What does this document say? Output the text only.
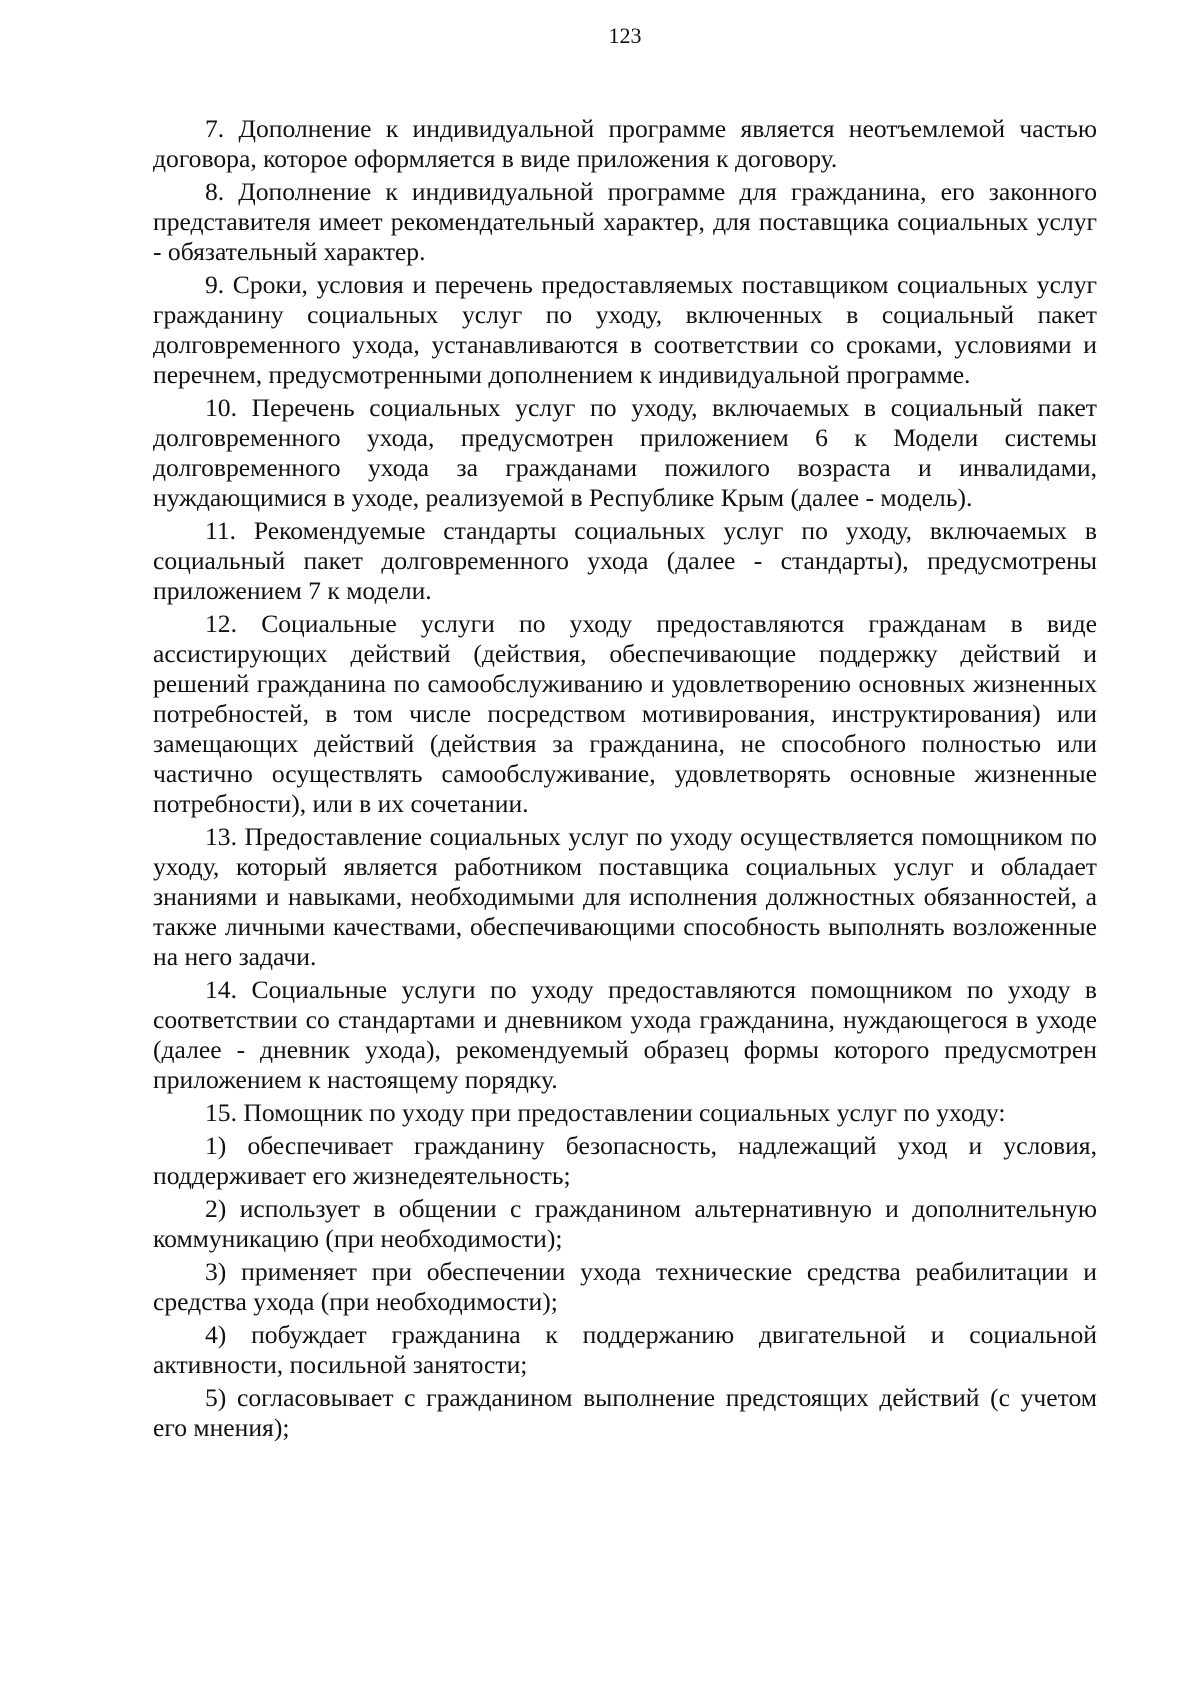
123

7. Дополнение к индивидуальной программе является неотъемлемой частью договора, которое оформляется в виде приложения к договору.

8. Дополнение к индивидуальной программе для гражданина, его законного представителя имеет рекомендательный характер, для поставщика социальных услуг - обязательный характер.

9. Сроки, условия и перечень предоставляемых поставщиком социальных услуг гражданину социальных услуг по уходу, включенных в социальный пакет долговременного ухода, устанавливаются в соответствии со сроками, условиями и перечнем, предусмотренными дополнением к индивидуальной программе.

10. Перечень социальных услуг по уходу, включаемых в социальный пакет долговременного ухода, предусмотрен приложением 6 к Модели системы долговременного ухода за гражданами пожилого возраста и инвалидами, нуждающимися в уходе, реализуемой в Республике Крым (далее - модель).

11. Рекомендуемые стандарты социальных услуг по уходу, включаемых в социальный пакет долговременного ухода (далее - стандарты), предусмотрены приложением 7 к модели.

12. Социальные услуги по уходу предоставляются гражданам в виде ассистирующих действий (действия, обеспечивающие поддержку действий и решений гражданина по самообслуживанию и удовлетворению основных жизненных потребностей, в том числе посредством мотивирования, инструктирования) или замещающих действий (действия за гражданина, не способного полностью или частично осуществлять самообслуживание, удовлетворять основные жизненные потребности), или в их сочетании.

13. Предоставление социальных услуг по уходу осуществляется помощником по уходу, который является работником поставщика социальных услуг и обладает знаниями и навыками, необходимыми для исполнения должностных обязанностей, а также личными качествами, обеспечивающими способность выполнять возложенные на него задачи.

14. Социальные услуги по уходу предоставляются помощником по уходу в соответствии со стандартами и дневником ухода гражданина, нуждающегося в уходе (далее - дневник ухода), рекомендуемый образец формы которого предусмотрен приложением к настоящему порядку.

15. Помощник по уходу при предоставлении социальных услуг по уходу:

1) обеспечивает гражданину безопасность, надлежащий уход и условия, поддерживает его жизнедеятельность;

2) использует в общении с гражданином альтернативную и дополнительную коммуникацию (при необходимости);

3) применяет при обеспечении ухода технические средства реабилитации и средства ухода (при необходимости);

4) побуждает гражданина к поддержанию двигательной и социальной активности, посильной занятости;

5) согласовывает с гражданином выполнение предстоящих действий (с учетом его мнения);
